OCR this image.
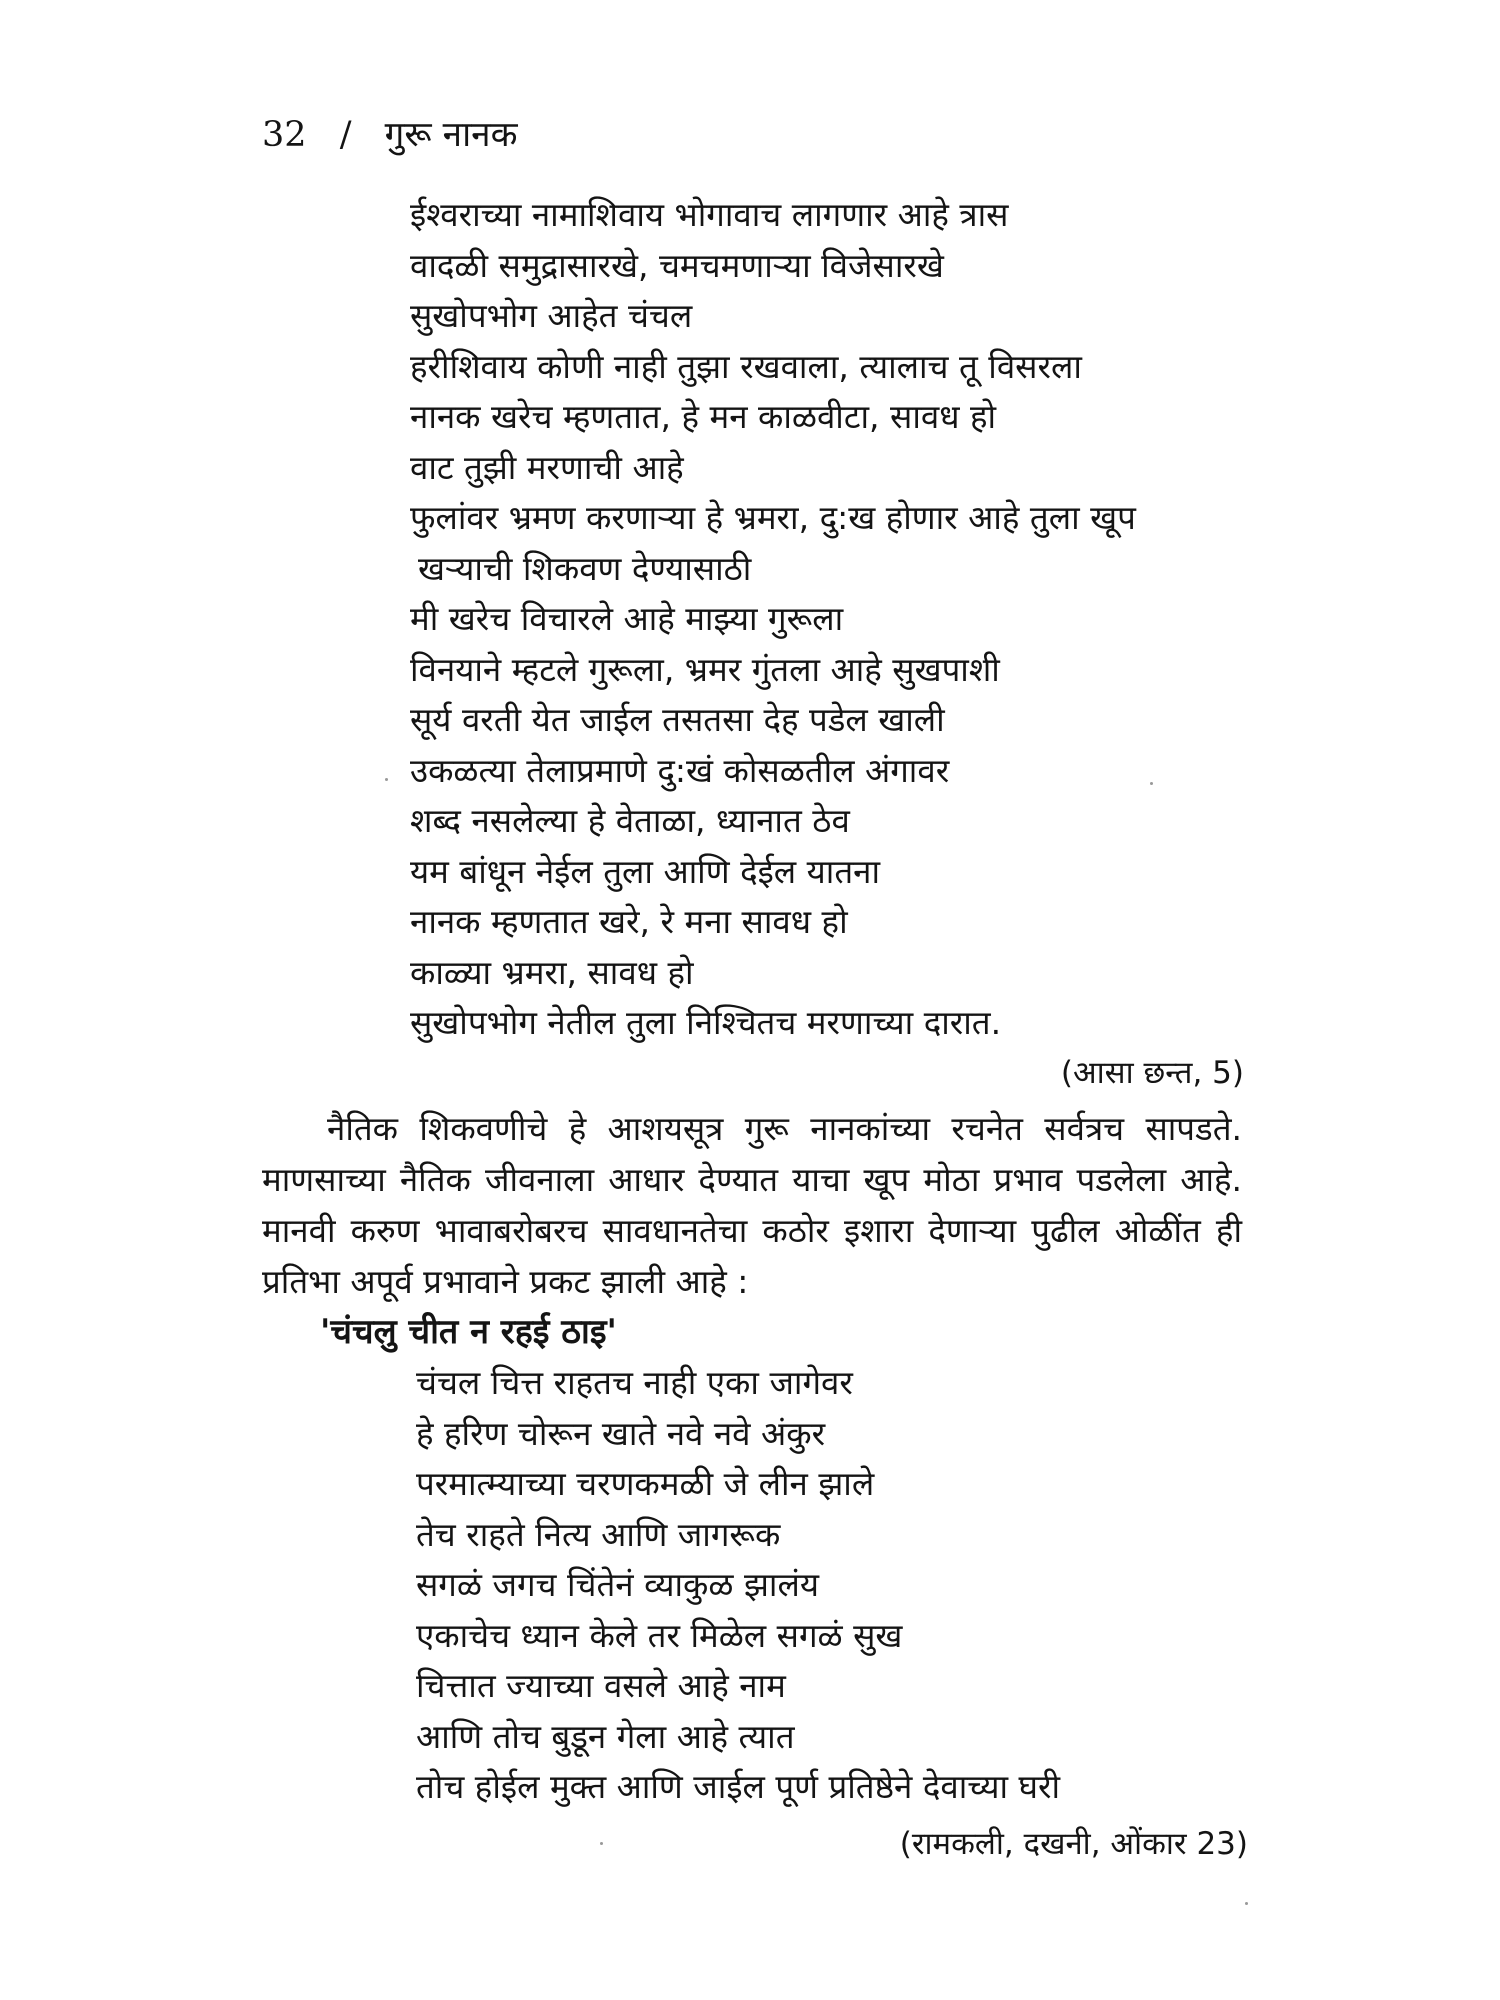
32 / गुरू नानक
ईश्वराच्या नामाशिवाय भोगावाच लागणार आहे त्रास
वादळी समुद्रासारखे, चमचमणाऱ्या विजेसारखे
सुखोपभोग आहेत चंचल
हरीशिवाय कोणी नाही तुझा रखवाला, त्यालाच तू विसरला
नानक खरेच म्हणतात, हे मन काळवीटा, सावध हो
वाट तुझी मरणाची आहे
फुलांवर भ्रमण करणाऱ्या हे भ्रमरा, दु:ख होणार आहे तुला खूप
खऱ्याची शिकवण देण्यासाठी
मी खरेच विचारले आहे माझ्या गुरूला
विनयाने म्हटले गुरूला, भ्रमर गुंतला आहे सुखपाशी
सूर्य वरती येत जाईल तसतसा देह पडेल खाली
उकळत्या तेलाप्रमाणे दु:खं कोसळतील अंगावर
शब्द नसलेल्या हे वेताळा, ध्यानात ठेव
यम बांधून नेईल तुला आणि देईल यातना
नानक म्हणतात खरे, रे मना सावध हो
काळ्या भ्रमरा, सावध हो
सुखोपभोग नेतील तुला निश्चितच मरणाच्या दारात.
(आसा छन्त, 5)
नैतिक शिकवणीचे हे आशयसूत्र गुरू नानकांच्या रचनेत सर्वत्रच सापडते.
माणसाच्या नैतिक जीवनाला आधार देण्यात याचा खूप मोठा प्रभाव पडलेला आहे.
मानवी करुण भावाबरोबरच सावधानतेचा कठोर इशारा देणाऱ्या पुढील ओळींत ही
प्रतिभा अपूर्व प्रभावाने प्रकट झाली आहे :
'चंचलु चीत न रहई ठाइ'
चंचल चित्त राहतच नाही एका जागेवर
हे हरिण चोरून खाते नवे नवे अंकुर
परमात्म्याच्या चरणकमळी जे लीन झाले
तेच राहते नित्य आणि जागरूक
सगळं जगच चिंतेनं व्याकुळ झालंय
एकाचेच ध्यान केले तर मिळेल सगळं सुख
चित्तात ज्याच्या वसले आहे नाम
आणि तोच बुडून गेला आहे त्यात
तोच होईल मुक्त आणि जाईल पूर्ण प्रतिष्ठेने देवाच्या घरी
(रामकली, दखनी, ओंकार 23)
